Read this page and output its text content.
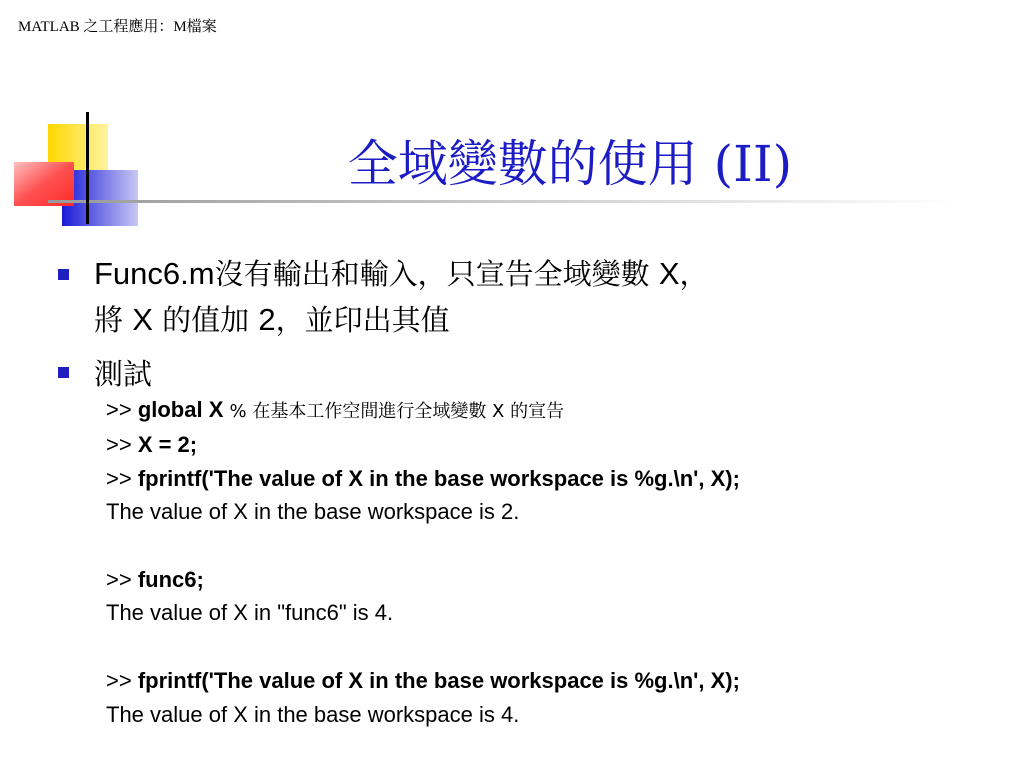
MATLAB 之工程應用：M檔案
全域變數的使用 (II)
Func6.m沒有輸出和輸入，只宣告全域變數 X，
將 X 的值加 2，並印出其值
測試
>> global X % 在基本工作空間進行全域變數 X 的宣告
>> X = 2;
>> fprintf('The value of X in the base workspace is %g.\n', X);
The value of X in the base workspace is 2.
>> func6;
The value of X in "func6" is 4.
>> fprintf('The value of X in the base workspace is %g.\n', X);
The value of X in the base workspace is 4.
